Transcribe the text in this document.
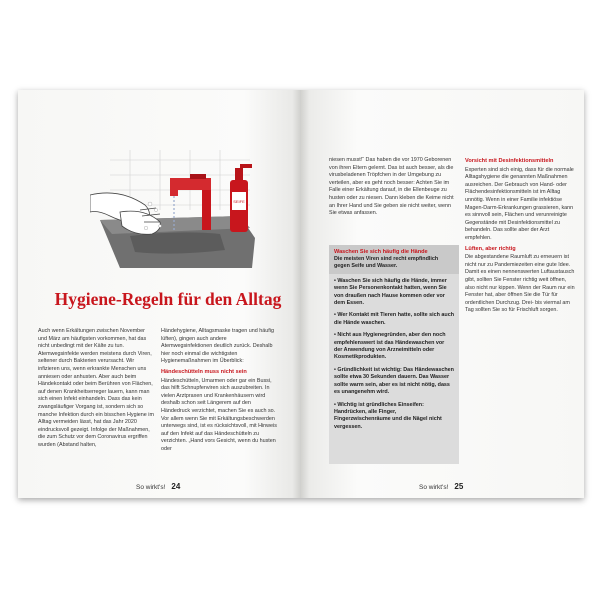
SEIFE
Hygiene-Regeln für den Alltag

Auch wenn Erkältungen zwischen November und März am häufigsten vorkommen, hat das nicht unbedingt mit der Kälte zu tun. Atemwegsinfekte werden meistens durch Viren, seltener durch Bakterien verursacht. Wir infizieren uns, wenn erkrankte Menschen uns anniesen oder anhusten. Aber auch beim Händekontakt oder beim Berühren von Flächen, auf denen Krankheitserreger lauern, kann man sich einen Infekt einhandeln. Dass das kein zwangsläufiger Vorgang ist, sondern sich so manche Infektion durch ein bisschen Hygiene im Alltag vermeiden lässt, hat das Jahr 2020 eindrucksvoll gezeigt. Infolge der Maßnahmen, die zum Schutz vor dem Coronavirus ergriffen wurden (Abstand halten,

Händehygiene, Alltagsmaske tragen und häufig lüften), gingen auch andere Atemwegsinfektionen deutlich zurück. Deshalb hier noch einmal die wichtigsten Hygienemaßnahmen im Überblick:

Händeschütteln muss nicht sein

Händeschütteln, Umarmen oder gar ein Bussi, das hilft Schnupfenviren sich auszubreiten. In vielen Arztpraxen und Krankenhäusern wird deshalb schon seit Längerem auf den Händedruck verzichtet, machen Sie es auch so. Vor allem wenn Sie mit Erkältungsbeschwerden unterwegs sind, ist es rücksichtsvoll, mit Hinweis auf den Infekt auf das Händeschütteln zu verzichten. „Hand vors Gesicht, wenn du husten oder

So wirkt's! 24

niesen musst!“ Das haben die vor 1970 Geborenen von ihren Eltern gelernt. Das ist auch besser, als die virusbeladenen Tröpfchen in der Umgebung zu verteilen, aber es geht noch besser: Achten Sie im Falle einer Erkältung darauf, in die Ellenbeuge zu husten oder zu niesen. Dann kleben die Keime nicht an Ihrer Hand und Sie geben sie nicht weiter, wenn Sie etwas anfassen.

Waschen Sie sich häufig die Hände

Die meisten Viren sind recht empfindlich gegen Seife und Wasser.

• Waschen Sie sich häufig die Hände, immer wenn Sie Personenkontakt hatten, wenn Sie von draußen nach Hause kommen oder vor dem Essen.
• Wer Kontakt mit Tieren hatte, sollte sich auch die Hände waschen.
• Nicht aus Hygienegründen, aber den noch empfehlenswert ist das Händewaschen vor der Anwendung von Arzneimitteln oder Kosmetikprodukten.
• Gründlichkeit ist wichtig: Das Händewaschen sollte etwa 30 Sekunden dauern. Das Wasser sollte warm sein, aber es ist nicht nötig, dass es unangenehm wird.
• Wichtig ist gründliches Einseifen: Handrücken, alle Finger, Fingerzwischenräume und die Nägel nicht vergessen.
Vorsicht mit Desinfektionsmitteln

Experten sind sich einig, dass für die normale Alltagshygiene die genannten Maßnahmen ausreichen. Der Gebrauch von Hand- oder Flächendesinfektionsmitteln ist im Alltag unnötig. Wenn in einer Familie infektiöse Magen-Darm-Erkrankungen grassieren, kann es sinnvoll sein, Flächen und verunreinigte Gegenstände mit Desinfektionsmittel zu behandeln. Das sollte aber der Arzt empfehlen.

Lüften, aber richtig

Die abgestandene Raumluft zu erneuern ist nicht nur zu Pandemiezeiten eine gute Idee. Damit es einen nennenswerten Luftaustausch gibt, sollten Sie Fenster richtig weit öffnen, also nicht nur kippen. Wenn der Raum nur ein Fenster hat, aber öffnen Sie die Tür für ordentlichen Durchzug. Drei- bis viermal am Tag sollten Sie so für Frischluft sorgen.

So wirkt's! 25
